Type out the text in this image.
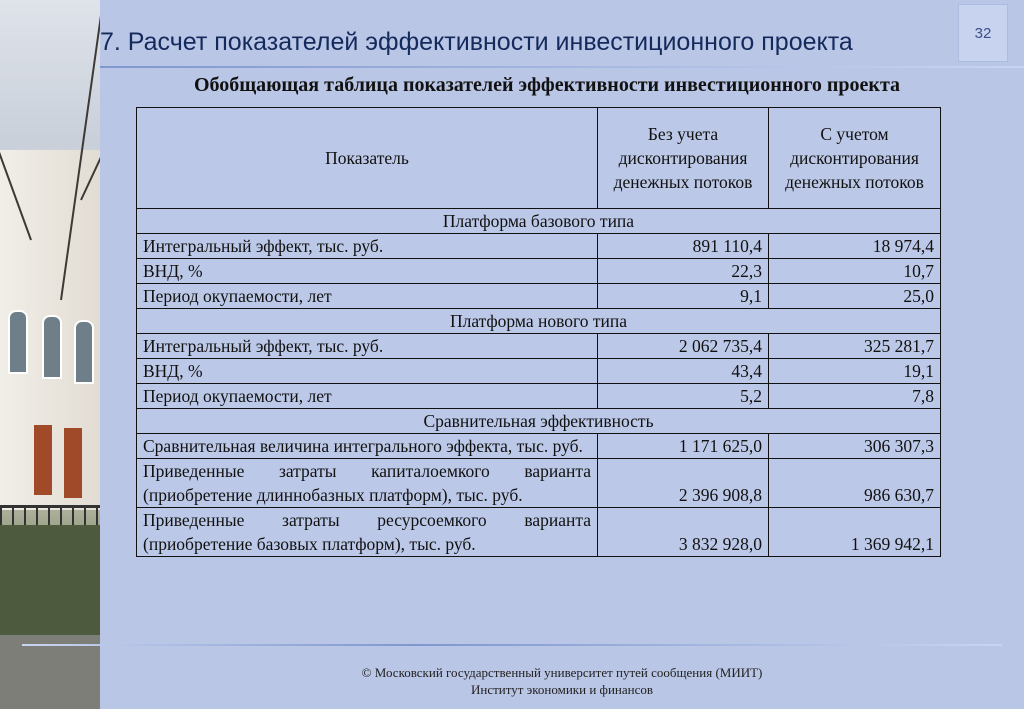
32
7. Расчет показателей эффективности инвестиционного проекта
Обобщающая таблица показателей эффективности инвестиционного проекта
Показатель	Без учета дисконтирования денежных потоков	С учетом дисконтирования денежных потоков
Платформа базового типа		
Интегральный эффект, тыс. руб.	891 110,4	18 974,4
ВНД, %	22,3	10,7
Период окупаемости, лет	9,1	25,0
Платформа нового типа		
Интегральный эффект, тыс. руб.	2 062 735,4	325 281,7
ВНД, %	43,4	19,1
Период окупаемости, лет	5,2	7,8
Сравнительная эффективность		
Сравнительная величина интегрального эффекта, тыс. руб.	1 171 625,0	306 307,3
Приведенные затраты капиталоемкого варианта (приобретение длиннобазных платформ), тыс. руб.	2 396 908,8	986 630,7
Приведенные затраты ресурсоемкого варианта (приобретение базовых платформ), тыс. руб.	3 832 928,0	1 369 942,1
© Московский государственный университет путей сообщения (МИИТ)
Институт экономики и финансов
